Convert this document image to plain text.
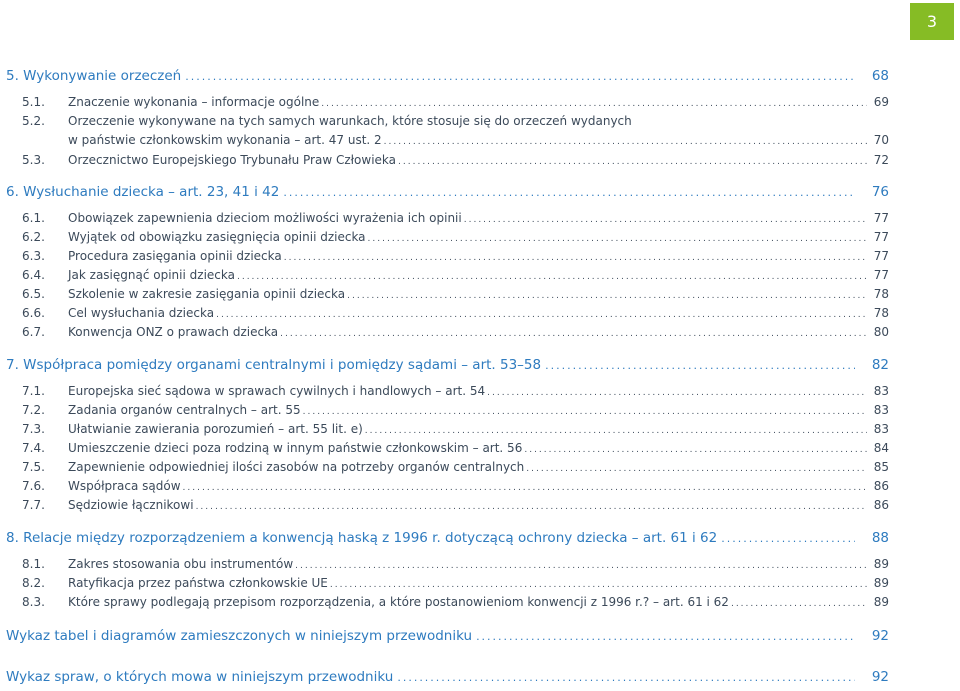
3
5. Wykonywanie orzeczeń .....	68
5.1.	Znaczenie wykonania – informacje ogólne .....	69
5.2.	Orzeczenie wykonywane na tych samych warunkach, które stosuje się do orzeczeń wydanych
w państwie członkowskim wykonania – art. 47 ust. 2 .....	70
5.3.	Orzecznictwo Europejskiego Trybunału Praw Człowieka .....	72
6. Wysłuchanie dziecka – art. 23, 41 i 42 .....	76
6.1.	Obowiązek zapewnienia dzieciom możliwości wyrażenia ich opinii .....	77
6.2.	Wyjątek od obowiązku zasięgnięcia opinii dziecka .....	77
6.3.	Procedura zasięgania opinii dziecka .....	77
6.4.	Jak zasięgnąć opinii dziecka .....	77
6.5.	Szkolenie w zakresie zasięgania opinii dziecka .....	78
6.6.	Cel wysłuchania dziecka .....	78
6.7.	Konwencja ONZ o prawach dziecka .....	80
7. Współpraca pomiędzy organami centralnymi i pomiędzy sądami – art. 53–58 .....	82
7.1.	Europejska sieć sądowa w sprawach cywilnych i handlowych – art. 54 .....	83
7.2.	Zadania organów centralnych – art. 55 .....	83
7.3.	Ułatwianie zawierania porozumień – art. 55 lit. e) .....	83
7.4.	Umieszczenie dzieci poza rodziną w innym państwie członkowskim – art. 56 .....	84
7.5.	Zapewnienie odpowiedniej ilości zasobów na potrzeby organów centralnych .....	85
7.6.	Współpraca sądów .....	86
7.7.	Sędziowie łącznikowi .....	86
8. Relacje między rozporządzeniem a konwencją haską z 1996 r. dotyczącą ochrony dziecka – art. 61 i 62 .....	88
8.1.	Zakres stosowania obu instrumentów .....	89
8.2.	Ratyfikacja przez państwa członkowskie UE .....	89
8.3.	Które sprawy podlegają przepisom rozporządzenia, a które postanowieniom konwencji z 1996 r.? – art. 61 i 62 .....	89
Wykaz tabel i diagramów zamieszczonych w niniejszym przewodniku .....	92
Wykaz spraw, o których mowa w niniejszym przewodniku .....	92
